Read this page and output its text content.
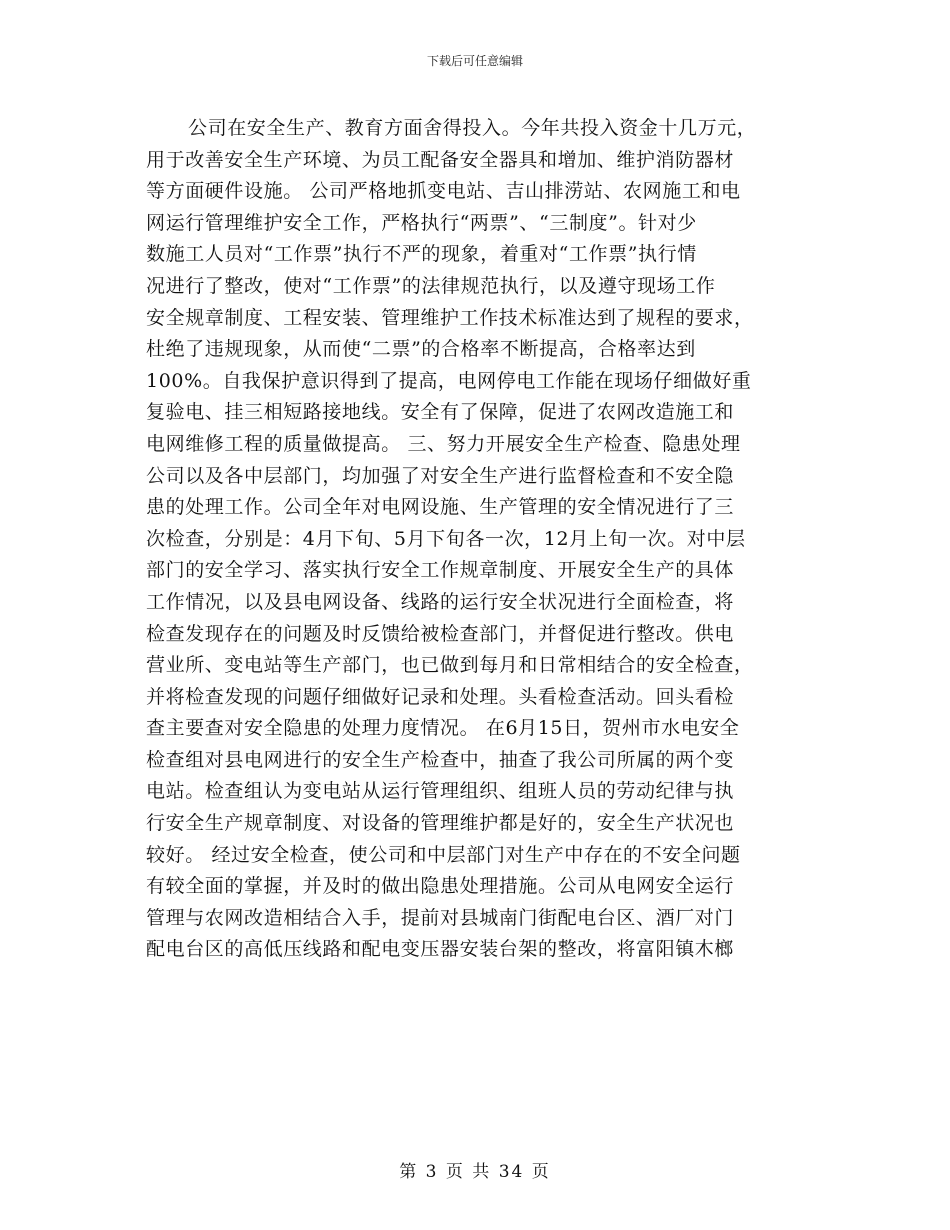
下载后可任意编辑
公司在安全生产、教育方面舍得投入。今年共投入资金十几万元，
用于改善安全生产环境、为员工配备安全器具和增加、维护消防器材
等方面硬件设施。 公司严格地抓变电站、吉山排涝站、农网施工和电
网运行管理维护安全工作，严格执行“两票”、“三制度”。针对少
数施工人员对“工作票”执行不严的现象，着重对“工作票”执行情
况进行了整改，使对“工作票”的法律规范执行，以及遵守现场工作
安全规章制度、工程安装、管理维护工作技术标准达到了规程的要求，
杜绝了违规现象，从而使“二票”的合格率不断提高，合格率达到
100%。自我保护意识得到了提高，电网停电工作能在现场仔细做好重
复验电、挂三相短路接地线。安全有了保障，促进了农网改造施工和
电网维修工程的质量做提高。 三、努力开展安全生产检查、隐患处理
公司以及各中层部门，均加强了对安全生产进行监督检查和不安全隐
患的处理工作。公司全年对电网设施、生产管理的安全情况进行了三
次检查，分别是：4月下旬、5月下旬各一次，12月上旬一次。对中层
部门的安全学习、落实执行安全工作规章制度、开展安全生产的具体
工作情况，以及县电网设备、线路的运行安全状况进行全面检查，将
检查发现存在的问题及时反馈给被检查部门，并督促进行整改。供电
营业所、变电站等生产部门，也已做到每月和日常相结合的安全检查，
并将检查发现的问题仔细做好记录和处理。头看检查活动。回头看检
查主要查对安全隐患的处理力度情况。 在6月15日，贺州市水电安全
检查组对县电网进行的安全生产检查中，抽查了我公司所属的两个变
电站。检查组认为变电站从运行管理组织、组班人员的劳动纪律与执
行安全生产规章制度、对设备的管理维护都是好的，安全生产状况也
较好。 经过安全检查，使公司和中层部门对生产中存在的不安全问题
有较全面的掌握，并及时的做出隐患处理措施。公司从电网安全运行
管理与农网改造相结合入手，提前对县城南门街配电台区、酒厂对门
配电台区的高低压线路和配电变压器安装台架的整改，将富阳镇木榔
第 3 页 共 34 页
